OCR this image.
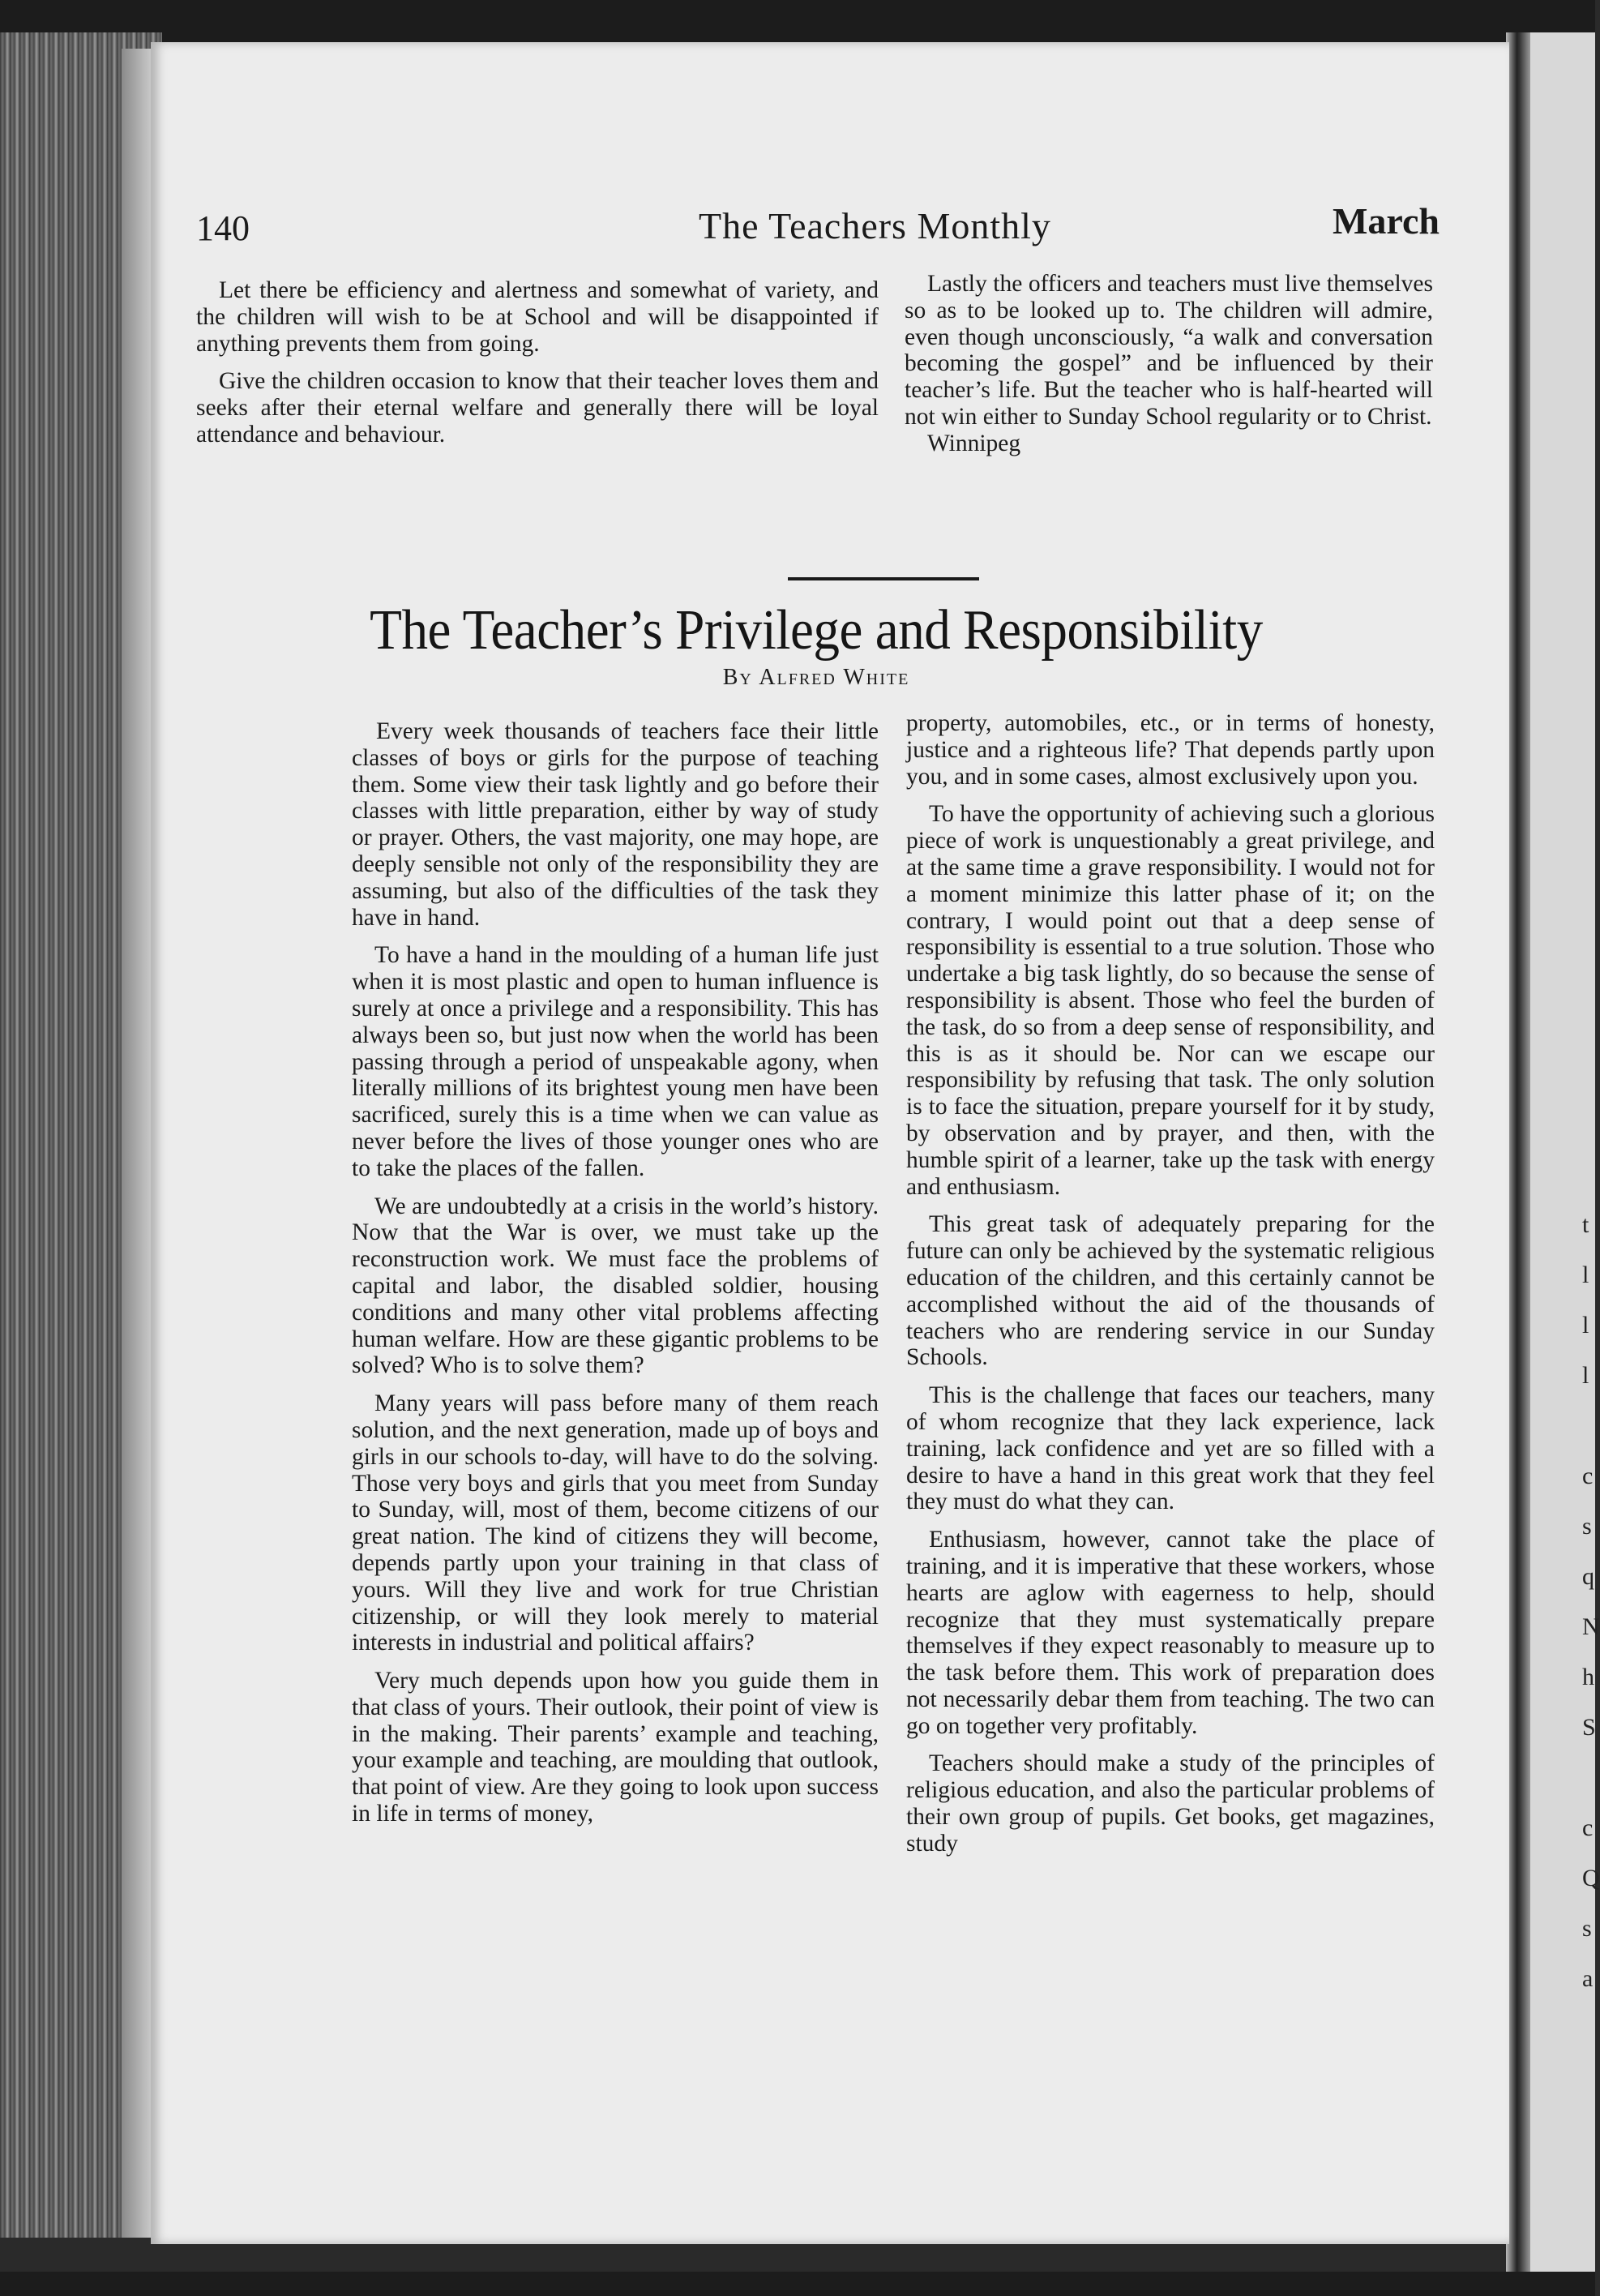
t
l
l
l

c
s
q
N
h
S

c
Q
s
a
140	The Teachers Monthly	March

Let there be efficiency and alertness and somewhat of variety, and the children will wish to be at School and will be disappointed if anything prevents them from going.

Give the children occasion to know that their teacher loves them and seeks after their eternal welfare and generally there will be loyal attendance and behaviour.

Lastly the officers and teachers must live themselves so as to be looked up to. The children will admire, even though unconsciously, “a walk and conversation becoming the gospel” and be influenced by their teacher’s life. But the teacher who is half-hearted will not win either to Sunday School regularity or to Christ.

Winnipeg

The Teacher’s Privilege and Responsibility
By Alfred White

Every week thousands of teachers face their little classes of boys or girls for the purpose of teaching them. Some view their task lightly and go before their classes with little preparation, either by way of study or prayer. Others, the vast majority, one may hope, are deeply sensible not only of the responsibility they are assuming, but also of the difficulties of the task they have in hand.

To have a hand in the moulding of a human life just when it is most plastic and open to human influence is surely at once a privilege and a responsibility. This has always been so, but just now when the world has been passing through a period of unspeakable agony, when literally millions of its brightest young men have been sacrificed, surely this is a time when we can value as never before the lives of those younger ones who are to take the places of the fallen.

We are undoubtedly at a crisis in the world’s history. Now that the War is over, we must take up the reconstruction work. We must face the problems of capital and labor, the disabled soldier, housing conditions and many other vital problems affecting human welfare. How are these gigantic problems to be solved? Who is to solve them?

Many years will pass before many of them reach solution, and the next generation, made up of boys and girls in our schools to-day, will have to do the solving. Those very boys and girls that you meet from Sunday to Sunday, will, most of them, become citizens of our great nation. The kind of citizens they will become, depends partly upon your training in that class of yours. Will they live and work for true Christian citizenship, or will they look merely to material interests in industrial and political affairs?

Very much depends upon how you guide them in that class of yours. Their outlook, their point of view is in the making. Their parents’ example and teaching, your example and teaching, are moulding that outlook, that point of view. Are they going to look upon success in life in terms of money,

property, automobiles, etc., or in terms of honesty, justice and a righteous life? That depends partly upon you, and in some cases, almost exclusively upon you.

To have the opportunity of achieving such a glorious piece of work is unquestionably a great privilege, and at the same time a grave responsibility. I would not for a moment minimize this latter phase of it; on the contrary, I would point out that a deep sense of responsibility is essential to a true solution. Those who undertake a big task lightly, do so because the sense of responsibility is absent. Those who feel the burden of the task, do so from a deep sense of responsibility, and this is as it should be. Nor can we escape our responsibility by refusing that task. The only solution is to face the situation, prepare yourself for it by study, by observation and by prayer, and then, with the humble spirit of a learner, take up the task with energy and enthusiasm.

This great task of adequately preparing for the future can only be achieved by the systematic religious education of the children, and this certainly cannot be accomplished without the aid of the thousands of teachers who are rendering service in our Sunday Schools.

This is the challenge that faces our teachers, many of whom recognize that they lack experience, lack training, lack confidence and yet are so filled with a desire to have a hand in this great work that they feel they must do what they can.

Enthusiasm, however, cannot take the place of training, and it is imperative that these workers, whose hearts are aglow with eagerness to help, should recognize that they must systematically prepare themselves if they expect reasonably to measure up to the task before them. This work of preparation does not necessarily debar them from teaching. The two can go on together very profitably.

Teachers should make a study of the principles of religious education, and also the particular problems of their own group of pupils. Get books, get magazines, study
